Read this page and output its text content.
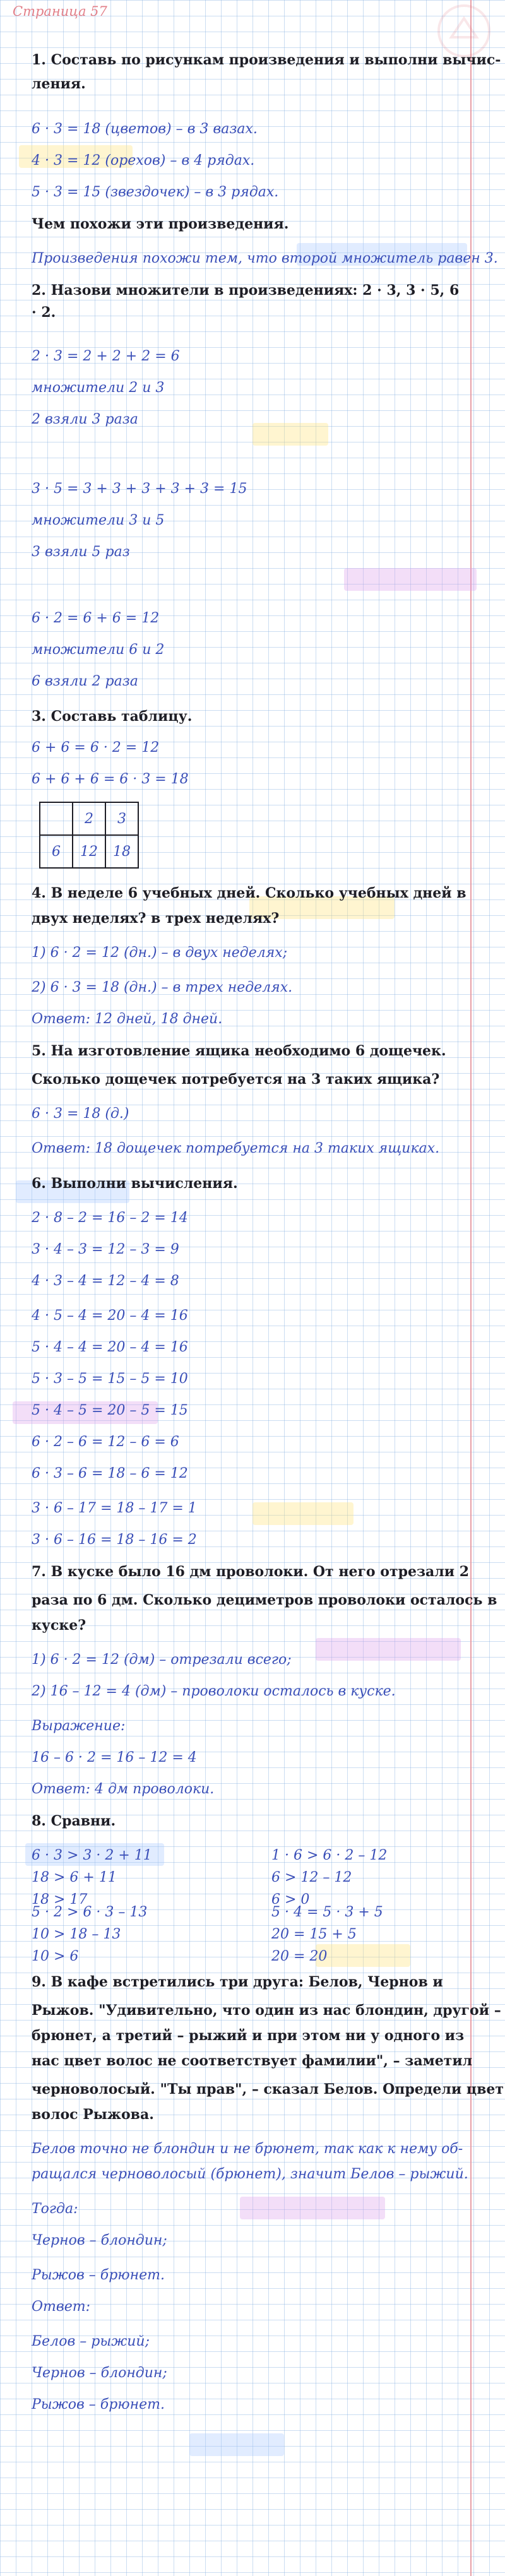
Страница 57
1. Составь по рисункам произведения и выполни вычис-
ления.
6 · 3 = 18 (цветов) – в 3 вазах.
4 · 3 = 12 (орехов) – в 4 рядах.
5 · 3 = 15 (звездочек) – в 3 рядах.
Чем похожи эти произведения.
Произведения похожи тем, что второй множитель равен 3.
2. Назови множители в произведениях: 2 · 3, 3 · 5, 6
· 2.
2 · 3 = 2 + 2 + 2 = 6
множители 2 и 3
2 взяли 3 раза
3 · 5 = 3 + 3 + 3 + 3 + 3 = 15
множители 3 и 5
3 взяли 5 раз
6 · 2 = 6 + 6 = 12
множители 6 и 2
6 взяли 2 раза
3. Составь таблицу.
6 + 6 = 6 · 2 = 12
6 + 6 + 6 = 6 · 3 = 18
4. В неделе 6 учебных дней. Сколько учебных дней в
двух неделях? в трех неделях?
1) 6 · 2 = 12 (дн.) – в двух неделях;
2) 6 · 3 = 18 (дн.) – в трех неделях.
Ответ: 12 дней, 18 дней.
5. На изготовление ящика необходимо 6 дощечек.
Сколько дощечек потребуется на 3 таких ящика?
6 · 3 = 18 (д.)
Ответ: 18 дощечек потребуется на 3 таких ящиках.
6. Выполни вычисления.
2 · 8 – 2 = 16 – 2 = 14
3 · 4 – 3 = 12 – 3 = 9
4 · 3 – 4 = 12 – 4 = 8
4 · 5 – 4 = 20 – 4 = 16
5 · 4 – 4 = 20 – 4 = 16
5 · 3 – 5 = 15 – 5 = 10
5 · 4 – 5 = 20 – 5 = 15
6 · 2 – 6 = 12 – 6 = 6
6 · 3 – 6 = 18 – 6 = 12
3 · 6 – 17 = 18 – 17 = 1
3 · 6 – 16 = 18 – 16 = 2
7. В куске было 16 дм проволоки. От него отрезали 2
раза по 6 дм. Сколько дециметров проволоки осталось в
куске?
1) 6 · 2 = 12 (дм) – отрезали всего;
2) 16 – 12 = 4 (дм) – проволоки осталось в куске.
Выражение:
16 – 6 · 2 = 16 – 12 = 4
Ответ: 4 дм проволоки.
8. Сравни.
9. В кафе встретились три друга: Белов, Чернов и
Рыжов. "Удивительно, что один из нас блондин, другой –
брюнет, а третий – рыжий и при этом ни у одного из
нас цвет волос не соответствует фамилии", – заметил
черноволосый. "Ты прав", – сказал Белов. Определи цвет
волос Рыжова.
Белов точно не блондин и не брюнет, так как к нему об-
ращался черноволосый (брюнет), значит Белов – рыжий.
Тогда:
Чернов – блондин;
Рыжов – брюнет.
Ответ:
Белов – рыжий;
Чернов – блондин;
Рыжов – брюнет.
	2	3
6	12	18
6 · 3 > 3 · 2 + 11
18 > 6 + 11
18 > 17
1 · 6 > 6 · 2 – 12
6 > 12 – 12
6 > 0
5 · 2 > 6 · 3 – 13
10 > 18 – 13
10 > 6
5 · 4 = 5 · 3 + 5
20 = 15 + 5
20 = 20
